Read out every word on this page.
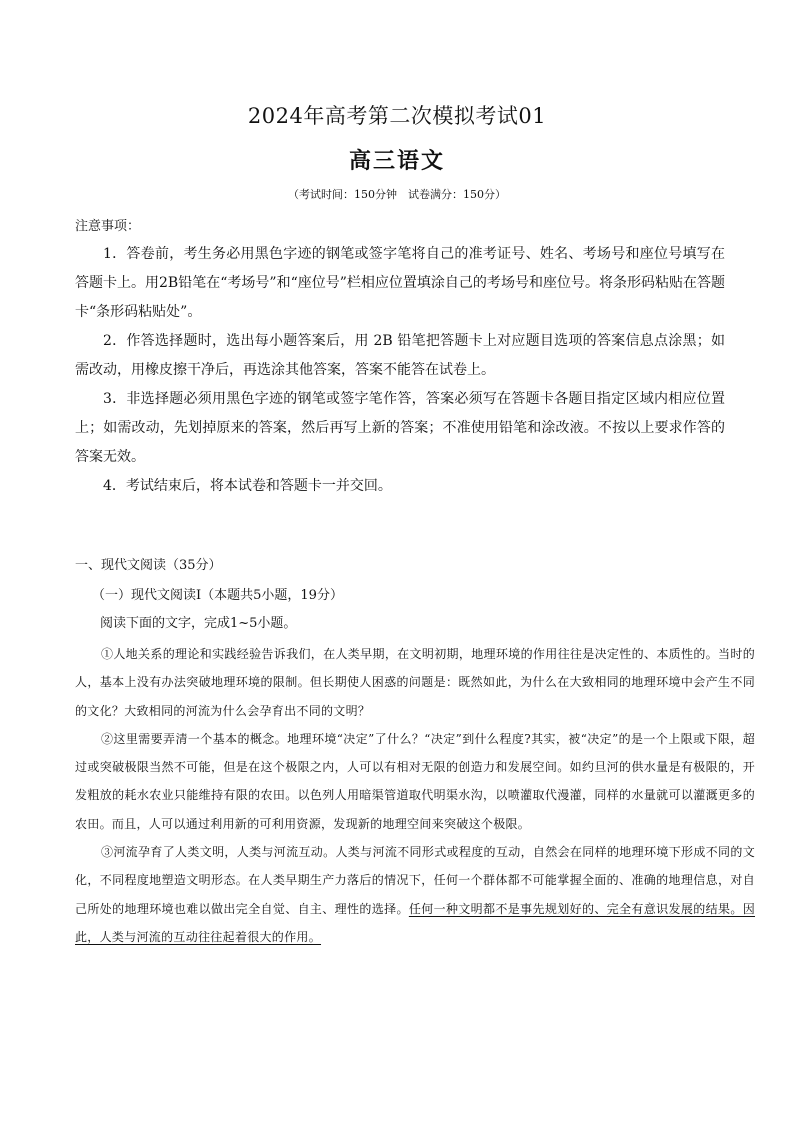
2024年高考第二次模拟考试01
高三语文
（考试时间：150分钟　试卷满分：150分）
注意事项：

1．答卷前，考生务必用黑色字迹的钢笔或签字笔将自己的准考证号、姓名、考场号和座位号填写在答题卡上。用2B铅笔在“考场号”和“座位号”栏相应位置填涂自己的考场号和座位号。将条形码粘贴在答题卡“条形码粘贴处”。

2．作答选择题时，选出每小题答案后，用 2B 铅笔把答题卡上对应题目选项的答案信息点涂黑；如需改动，用橡皮擦干净后，再选涂其他答案，答案不能答在试卷上。

3．非选择题必须用黑色字迹的钢笔或签字笔作答，答案必须写在答题卡各题目指定区域内相应位置上；如需改动，先划掉原来的答案，然后再写上新的答案；不准使用铅笔和涂改液。不按以上要求作答的答案无效。

4．考试结束后，将本试卷和答题卡一并交回。

一、现代文阅读（35分）
（一）现代文阅读Ⅰ（本题共5小题，19分）
阅读下面的文字，完成1~5小题。

①人地关系的理论和实践经验告诉我们，在人类早期，在文明初期，地理环境的作用往往是决定性的、本质性的。当时的人，基本上没有办法突破地理环境的限制。但长期使人困惑的问题是：既然如此，为什么在大致相同的地理环境中会产生不同的文化？大致相同的河流为什么会孕育出不同的文明？

②这里需要弄清一个基本的概念。地理环境“决定”了什么？“决定”到什么程度?其实，被“决定”的是一个上限或下限，超过或突破极限当然不可能，但是在这个极限之内，人可以有相对无限的创造力和发展空间。如约旦河的供水量是有极限的，开发粗放的耗水农业只能维持有限的农田。以色列人用暗渠管道取代明渠水沟，以喷灌取代漫灌，同样的水量就可以灌溉更多的农田。而且，人可以通过利用新的可利用资源，发现新的地理空间来突破这个极限。

③河流孕育了人类文明，人类与河流互动。人类与河流不同形式或程度的互动，自然会在同样的地理环境下形成不同的文化，不同程度地塑造文明形态。在人类早期生产力落后的情况下，任何一个群体都不可能掌握全面的、准确的地理信息，对自己所处的地理环境也难以做出完全自觉、自主、理性的选择。任何一种文明都不是事先规划好的、完全有意识发展的结果。因此，人类与河流的互动往往起着很大的作用。
